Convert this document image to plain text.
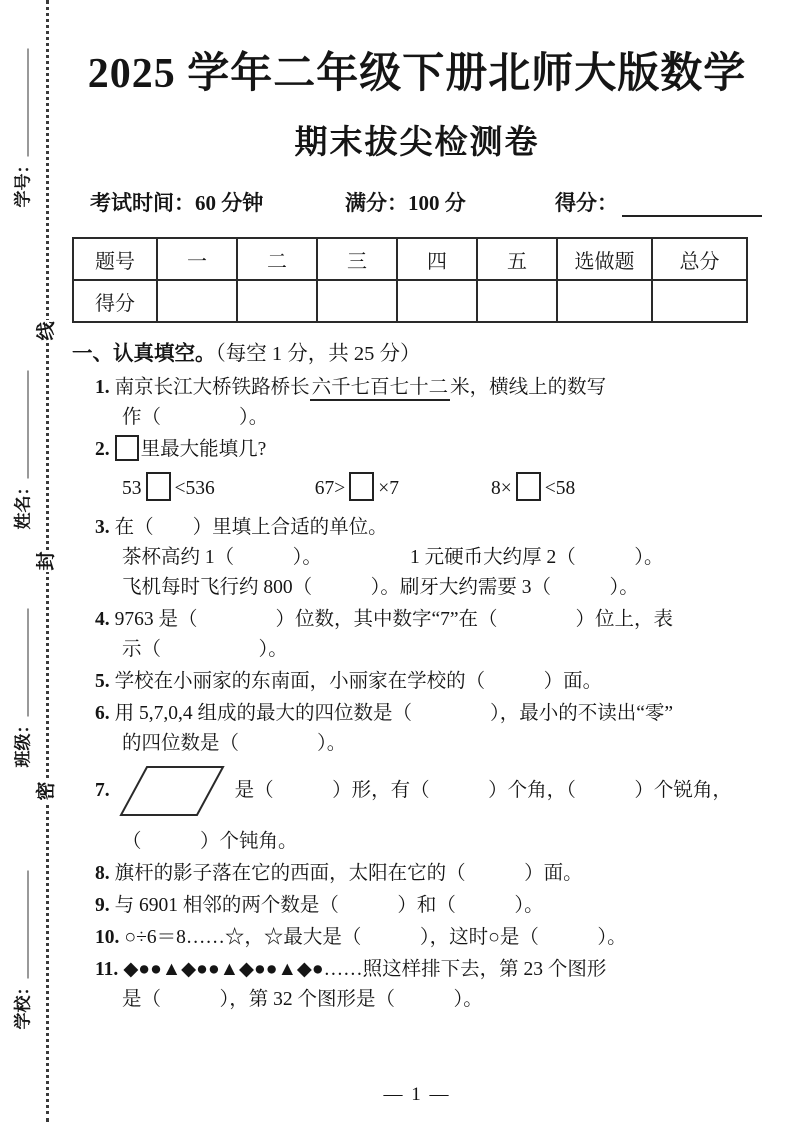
学号：
姓名：
班级：
学校：
线
封
密
2025 学年二年级下册北师大版数学
期末拔尖检测卷
考试时间：60 分钟	满分：100 分	得分：
题号	一	二	三	四	五	选做题	总分
得分							
一、认真填空。（每空 1 分，共 25 分）
1. 南京长江大桥铁路桥长 六千七百七十二 米，横线上的数写
作（　　　　）。
2. 里最大能填几?
53 <536	67> ×7	8× <58
3. 在（　　）里填上合适的单位。
茶杯高约 1（　　　）。	1 元硬币大约厚 2（　　　）。
飞机每时飞行约 800（　　　）。刷牙大约需要 3（　　　）。
4. 9763 是（　　　　）位数，其中数字“7”在（　　　　）位上，表
示（　　　　　）。
5. 学校在小丽家的东南面，小丽家在学校的（　　　）面。
6. 用 5,7,0,4 组成的最大的四位数是（　　　　），最小的不读出“零”
的四位数是（　　　　）。
7.	是（　　　）形，有（　　　）个角，（　　　）个锐角，
（　　　）个钝角。
8. 旗杆的影子落在它的西面，太阳在它的（　　　）面。
9. 与 6901 相邻的两个数是（　　　）和（　　　）。
10. ○÷6＝8……☆，☆最大是（　　　），这时○是（　　　）。
11. ◆●●▲◆●●▲◆●●▲◆●……照这样排下去，第 23 个图形
是（　　　），第 32 个图形是（　　　）。
— 1 —
